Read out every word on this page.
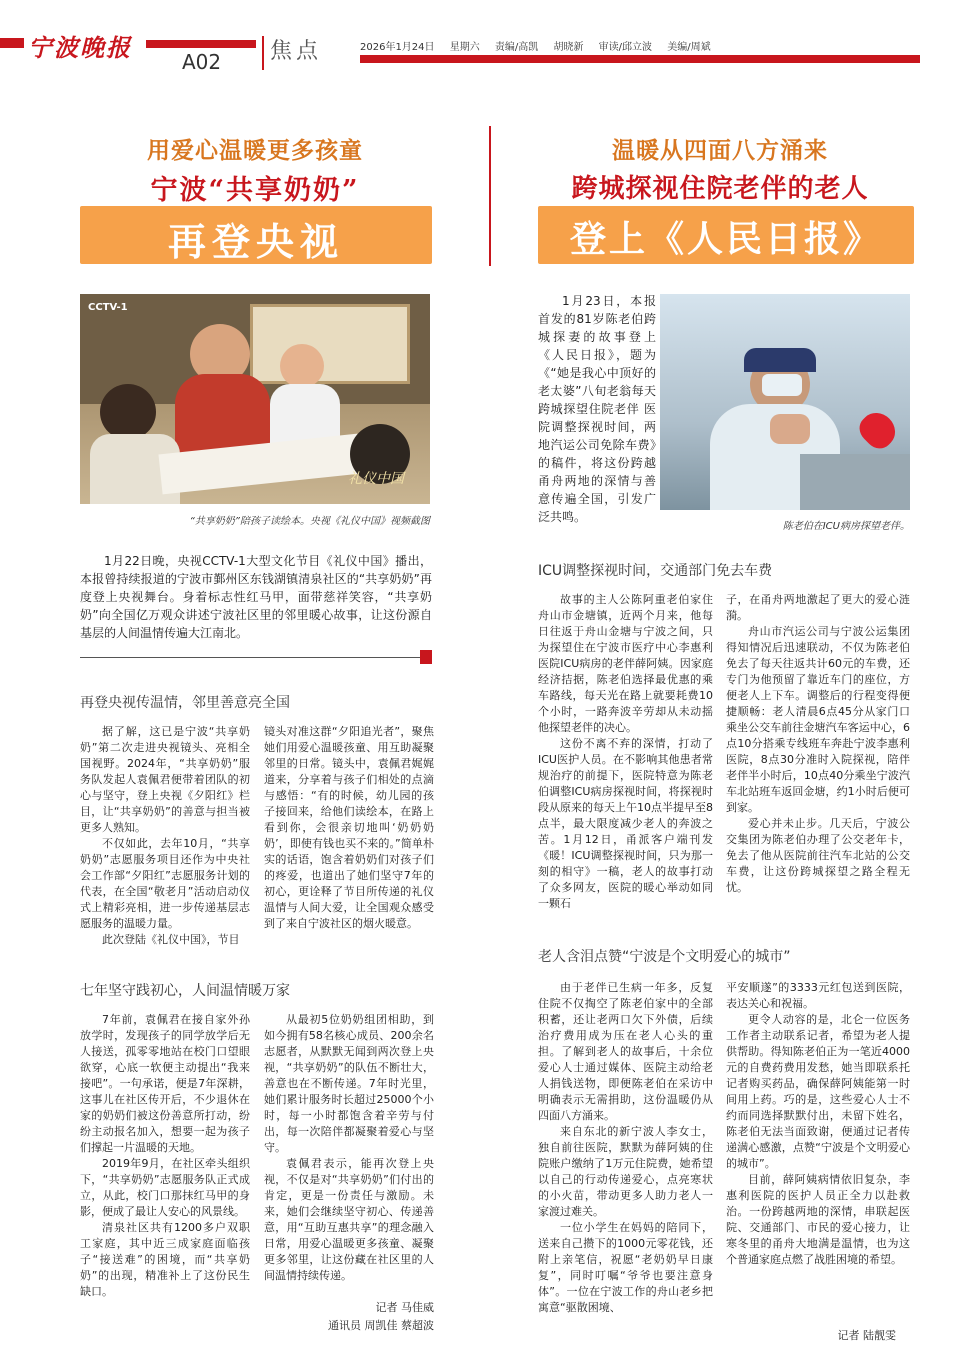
宁波晚报	焦点
A02
2026年1月24日 星期六 责编/高凯 胡晓新 审读/邱立波 美编/周斌
用爱心温暖更多孩童
宁波“共享奶奶”
再登央视
温暖从四面八方涌来
跨城探视住院老伴的老人
登上《人民日报》
CCTV-1
礼仪中国
“共享奶奶”陪孩子读绘本。央视《礼仪中国》视频截图	陈老伯在ICU病房探望老伴。
1月22日晚，央视CCTV-1大型文化节目《礼仪中国》播出，本报曾持续报道的宁波市鄞州区东钱湖镇清泉社区的“共享奶奶”再度登上央视舞台。身着标志性红马甲，面带慈祥笑容，“共享奶奶”向全国亿万观众讲述宁波社区里的邻里暖心故事，让这份源自基层的人间温情传遍大江南北。
再登央视传温情，邻里善意亮全国

据了解，这已是宁波“共享奶奶”第二次走进央视镜头、亮相全国视野。2024年，“共享奶奶”服务队发起人袁佩君便带着团队的初心与坚守，登上央视《夕阳红》栏目，让“共享奶奶”的善意与担当被更多人熟知。

不仅如此，去年10月，“共享奶奶”志愿服务项目还作为中央社会工作部“夕阳红”志愿服务计划的代表，在全国“敬老月”活动启动仪式上精彩亮相，进一步传递基层志愿服务的温暖力量。

此次登陆《礼仪中国》，节目

镜头对准这群“夕阳追光者”，聚焦她们用爱心温暖孩童、用互助凝聚邻里的日常。镜头中，袁佩君娓娓道来，分享着与孩子们相处的点滴与感悟：“有的时候，幼儿园的孩子接回来，给他们读绘本，在路上看到你，会很亲切地叫‘奶奶奶奶’，即使有钱也买不来的。”简单朴实的话语，饱含着奶奶们对孩子们的疼爱，也道出了她们坚守7年的初心，更诠释了节目所传递的礼仪温情与人间大爱，让全国观众感受到了来自宁波社区的烟火暖意。

七年坚守践初心，人间温情暖万家

7年前，袁佩君在接自家外孙放学时，发现孩子的同学放学后无人接送，孤零零地站在校门口望眼欲穿，心底一软便主动提出“我来接吧”。一句承诺，便是7年深耕，这事儿在社区传开后，不少退休在家的奶奶们被这份善意所打动，纷纷主动报名加入，想要一起为孩子们撑起一片温暖的天地。

2019年9月，在社区牵头组织下，“共享奶奶”志愿服务队正式成立，从此，校门口那抹红马甲的身影，便成了最让人安心的风景线。

清泉社区共有1200多户双职工家庭，其中近三成家庭面临孩子“接送难”的困境，而“共享奶奶”的出现，精准补上了这份民生缺口。

从最初5位奶奶组团相助，到如今拥有58名核心成员、200余名志愿者，从默默无闻到两次登上央视，“共享奶奶”的队伍不断壮大，善意也在不断传递。7年时光里，她们累计服务时长超过25000个小时，每一小时都饱含着辛劳与付出，每一次陪伴都凝聚着爱心与坚守。

袁佩君表示，能再次登上央视，不仅是对“共享奶奶”们付出的肯定，更是一份责任与激励。未来，她们会继续坚守初心、传递善意，用“互助互惠共享”的理念融入日常，用爱心温暖更多孩童、凝聚更多邻里，让这份藏在社区里的人间温情持续传递。

记者 马佳威
通讯员 周凯佳 蔡超波
1月23日，本报首发的81岁陈老伯跨城探妻的故事登上《人民日报》，题为《“她是我心中顶好的老太婆”八旬老翁每天跨城探望住院老伴 医院调整探视时间，两地汽运公司免除车费》的稿件，将这份跨越甬舟两地的深情与善意传遍全国，引发广泛共鸣。
ICU调整探视时间，交通部门免去车费

故事的主人公陈阿重老伯家住舟山市金塘镇，近两个月来，他每日往返于舟山金塘与宁波之间，只为探望住在宁波市医疗中心李惠利医院ICU病房的老伴薛阿姨。因家庭经济拮据，陈老伯选择最优惠的乘车路线，每天光在路上就要耗费10个小时，一路奔波辛劳却从未动摇他探望老伴的决心。

这份不离不弃的深情，打动了ICU医护人员。在不影响其他患者常规治疗的前提下，医院特意为陈老伯调整ICU病房探视时间，将探视时段从原来的每天上午10点半提早至8点半，最大限度减少老人的奔波之苦。1月12日，甬派客户端刊发《暖！ICU调整探视时间，只为那一刻的相守》一稿，老人的故事打动了众多网友，医院的暖心举动如同一颗石

子，在甬舟两地激起了更大的爱心涟漪。

舟山市汽运公司与宁波公运集团得知情况后迅速联动，不仅为陈老伯免去了每天往返共计60元的车费，还专门为他预留了靠近车门的座位，方便老人上下车。调整后的行程变得便捷顺畅：老人清晨6点45分从家门口乘坐公交车前往金塘汽车客运中心，6点10分搭乘专线班车奔赴宁波李惠利医院，8点30分准时入院探视，陪伴老伴半小时后，10点40分乘坐宁波汽车北站班车返回金塘，约1小时后便可到家。

爱心并未止步。几天后，宁波公交集团为陈老伯办理了公交老年卡，免去了他从医院前往汽车北站的公交车费，让这份跨城探望之路全程无忧。

老人含泪点赞“宁波是个文明爱心的城市”

由于老伴已生病一年多，反复住院不仅掏空了陈老伯家中的全部积蓄，还让老两口欠下外债，后续治疗费用成为压在老人心头的重担。了解到老人的故事后，十余位爱心人士通过媒体、医院主动给老人捐钱送物，即便陈老伯在采访中明确表示无需捐助，这份温暖仍从四面八方涌来。

来自东北的新宁波人李女士，独自前往医院，默默为薛阿姨的住院账户缴纳了1万元住院费，她希望以自己的行动传递爱心，点亮寒状的小火苗，带动更多人助力老人一家渡过难关。

一位小学生在妈妈的陪同下，送来自己攒下的1000元零花钱，还附上亲笔信，祝愿“老奶奶早日康复”，同时叮嘱“爷爷也要注意身体”。一位在宁波工作的舟山老乡把寓意“驱散困境、

平安顺遂”的3333元红包送到医院，表达关心和祝福。

更令人动容的是，北仑一位医务工作者主动联系记者，希望为老人提供帮助。得知陈老伯正为一笔近4000元的自费药费用发愁，她当即联系托记者购买药品，确保薛阿姨能第一时间用上药。巧的是，这些爱心人士不约而同选择默默付出，未留下姓名，陈老伯无法当面致谢，便通过记者传递满心感激，点赞“宁波是个文明爱心的城市”。

目前，薛阿姨病情依旧复杂，李惠利医院的医护人员正全力以赴救治。一份跨越两地的深情，串联起医院、交通部门、市民的爱心接力，让寒冬里的甬舟大地满是温情，也为这个普通家庭点燃了战胜困境的希望。

记者 陆靓雯
